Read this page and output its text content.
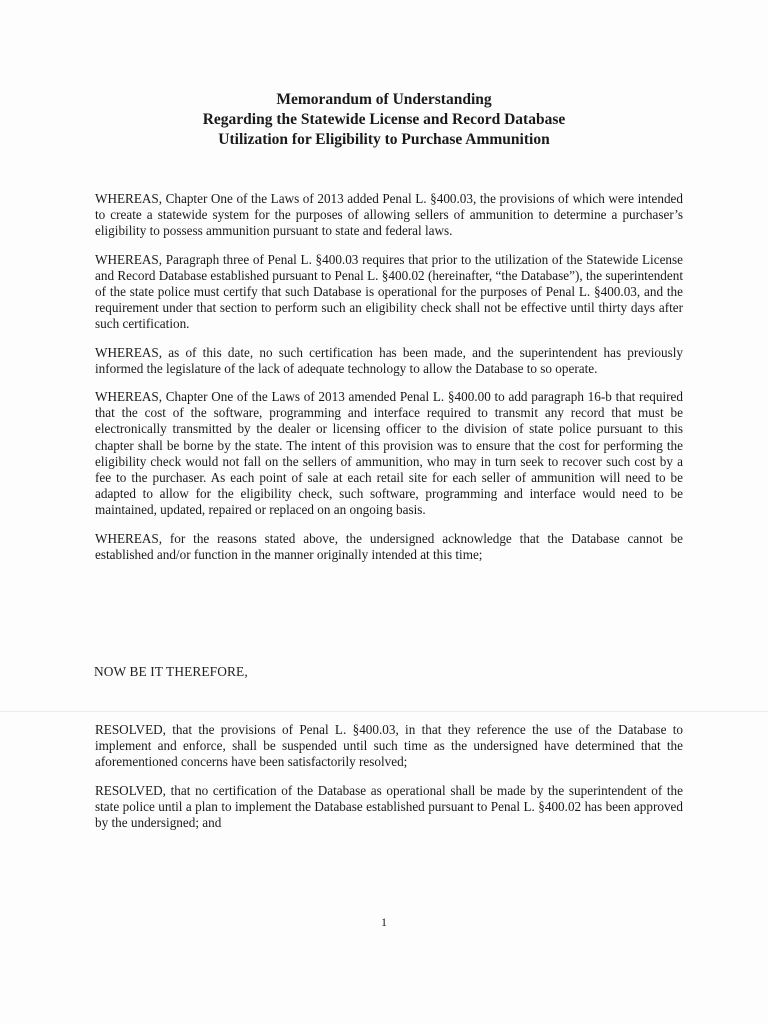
Memorandum of Understanding
Regarding the Statewide License and Record Database
Utilization for Eligibility to Purchase Ammunition

WHEREAS, Chapter One of the Laws of 2013 added Penal L. §400.03, the provisions of which were intended to create a statewide system for the purposes of allowing sellers of ammunition to determine a purchaser’s eligibility to possess ammunition pursuant to state and federal laws.

WHEREAS, Paragraph three of Penal L. §400.03 requires that prior to the utilization of the Statewide License and Record Database established pursuant to Penal L. §400.02 (hereinafter, “the Database”), the superintendent of the state police must certify that such Database is operational for the purposes of Penal L. §400.03, and the requirement under that section to perform such an eligibility check shall not be effective until thirty days after such certification.

WHEREAS, as of this date, no such certification has been made, and the superintendent has previously informed the legislature of the lack of adequate technology to allow the Database to so operate.

WHEREAS, Chapter One of the Laws of 2013 amended Penal L. §400.00 to add paragraph 16-b that required that the cost of the software, programming and interface required to transmit any record that must be electronically transmitted by the dealer or licensing officer to the division of state police pursuant to this chapter shall be borne by the state. The intent of this provision was to ensure that the cost for performing the eligibility check would not fall on the sellers of ammunition, who may in turn seek to recover such cost by a fee to the purchaser. As each point of sale at each retail site for each seller of ammunition will need to be adapted to allow for the eligibility check, such software, programming and interface would need to be maintained, updated, repaired or replaced on an ongoing basis.

WHEREAS, for the reasons stated above, the undersigned acknowledge that the Database cannot be established and/or function in the manner originally intended at this time;

NOW BE IT THEREFORE,

RESOLVED, that the provisions of Penal L. §400.03, in that they reference the use of the Database to implement and enforce, shall be suspended until such time as the undersigned have determined that the aforementioned concerns have been satisfactorily resolved;

RESOLVED, that no certification of the Database as operational shall be made by the superintendent of the state police until a plan to implement the Database established pursuant to Penal L. §400.02 has been approved by the undersigned; and

1
